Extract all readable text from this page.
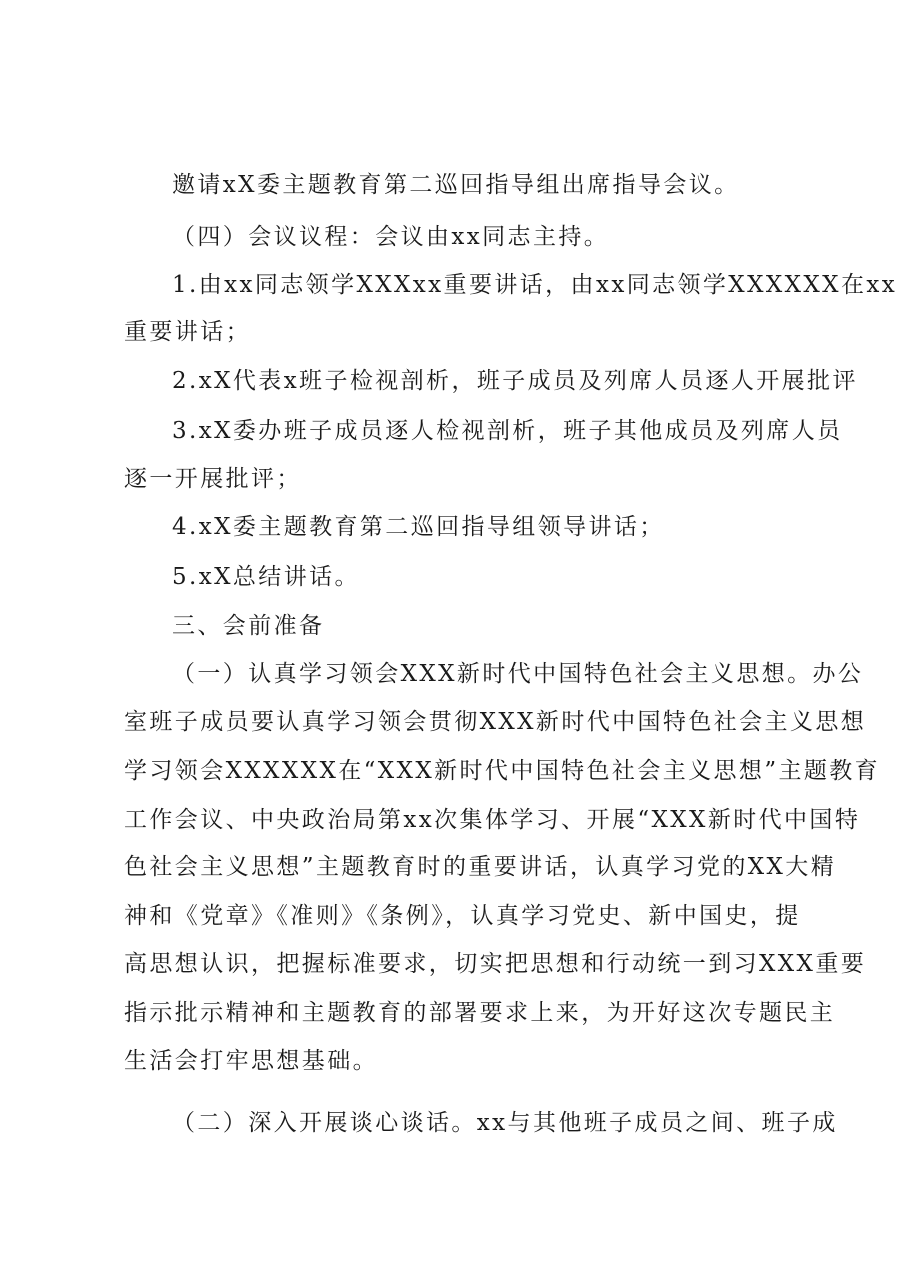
邀请xX委主题教育第二巡回指导组出席指导会议。
（四）会议议程：会议由xx同志主持。
1.由xx同志领学XXXxx重要讲话，由xx同志领学XXXXXX在xx
重要讲话；
2.xX代表x班子检视剖析，班子成员及列席人员逐人开展批评
3.xX委办班子成员逐人检视剖析，班子其他成员及列席人员
逐一开展批评；
4.xX委主题教育第二巡回指导组领导讲话；
5.xX总结讲话。
三、会前准备
（一）认真学习领会XXX新时代中国特色社会主义思想。办公
室班子成员要认真学习领会贯彻XXX新时代中国特色社会主义思想
学习领会XXXXXX在“XXX新时代中国特色社会主义思想”主题教育
工作会议、中央政治局第xx次集体学习、开展“XXX新时代中国特
色社会主义思想”主题教育时的重要讲话，认真学习党的XX大精
神和《党章》《准则》《条例》，认真学习党史、新中国史，提
高思想认识，把握标准要求，切实把思想和行动统一到习XXX重要
指示批示精神和主题教育的部署要求上来，为开好这次专题民主
生活会打牢思想基础。
（二）深入开展谈心谈话。xx与其他班子成员之间、班子成
